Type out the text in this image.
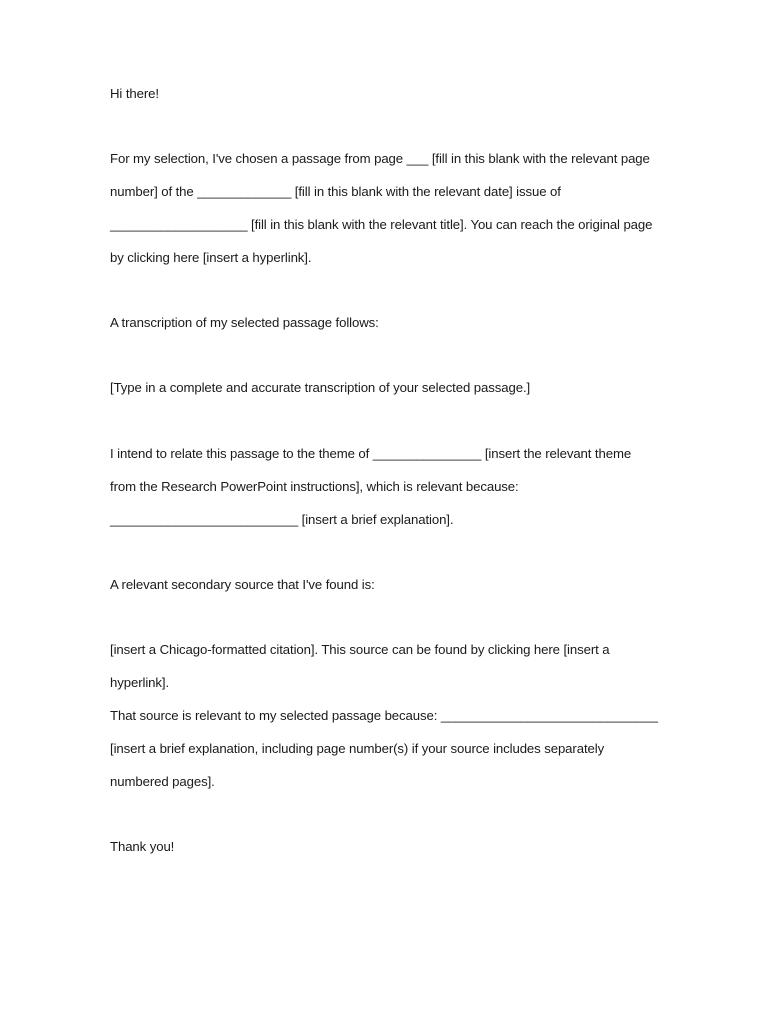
Hi there!
For my selection, I've chosen a passage from page ___ [fill in this blank with the relevant page
number] of the _____________ [fill in this blank with the relevant date] issue of
___________________ [fill in this blank with the relevant title]. You can reach the original page
by clicking here [insert a hyperlink].
A transcription of my selected passage follows:
[Type in a complete and accurate transcription of your selected passage.]
I intend to relate this passage to the theme of _______________ [insert the relevant theme
from the Research PowerPoint instructions], which is relevant because:
__________________________ [insert a brief explanation].
A relevant secondary source that I've found is:
[insert a Chicago-formatted citation]. This source can be found by clicking here [insert a
hyperlink].
That source is relevant to my selected passage because: ______________________________
[insert a brief explanation, including page number(s) if your source includes separately
numbered pages].
Thank you!
